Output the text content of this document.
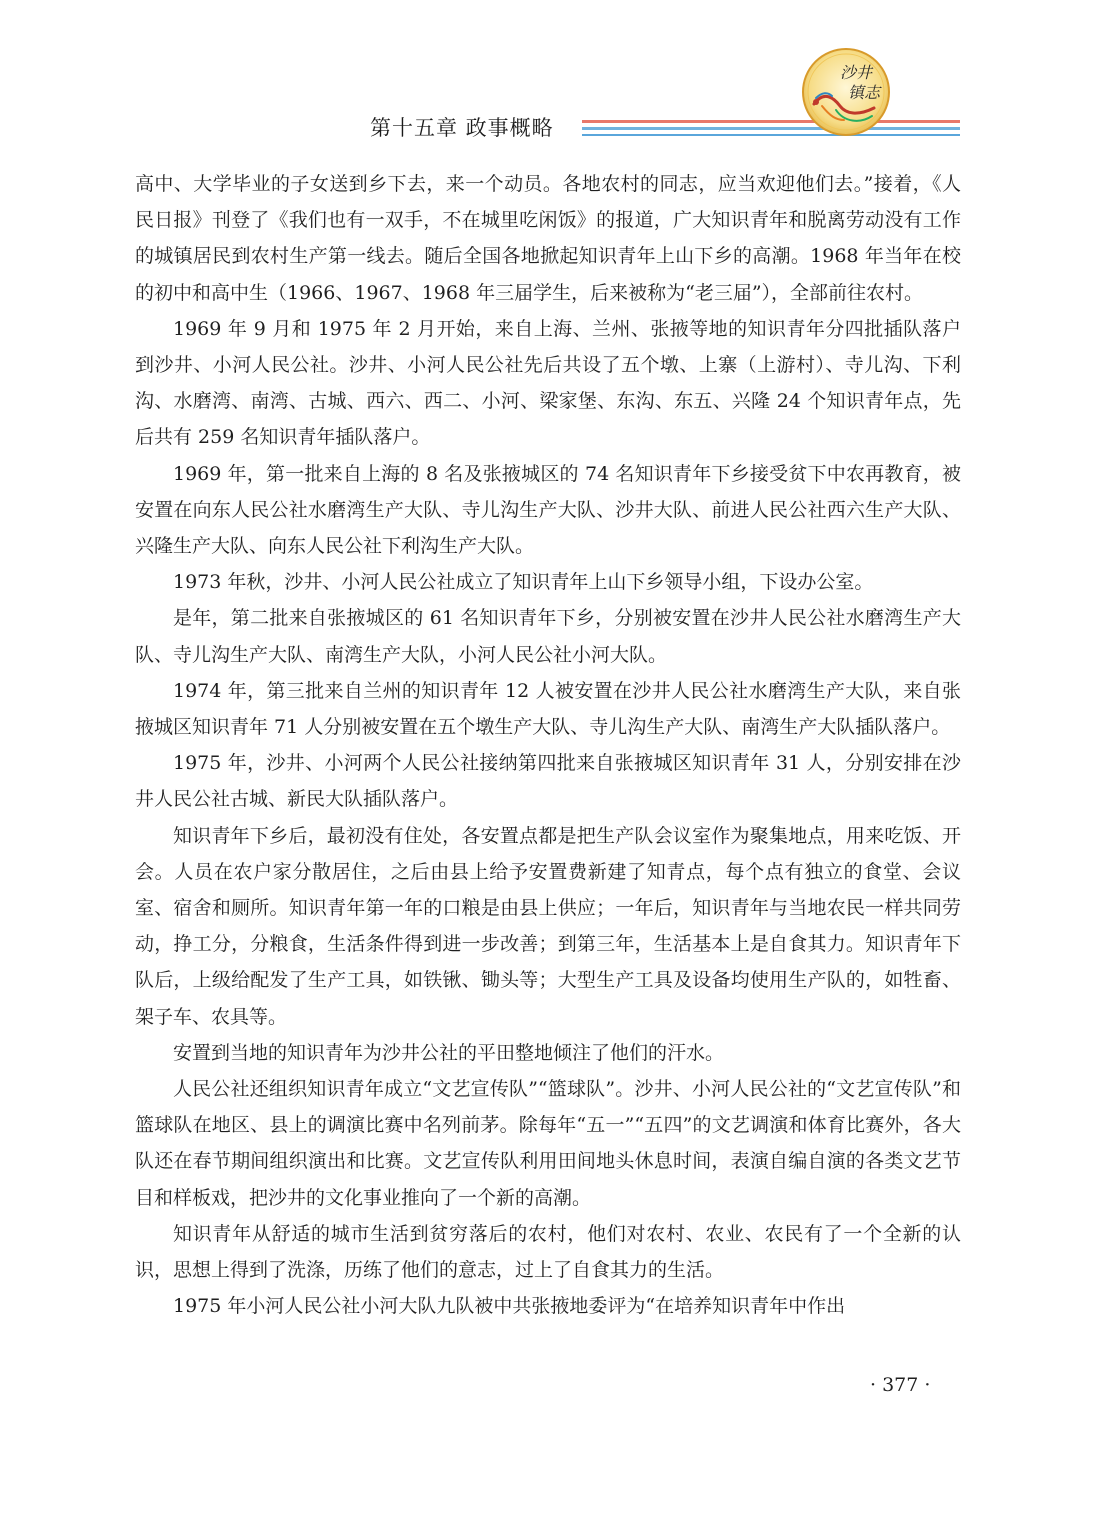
第十五章 政事概略
沙井
镇志

高中、大学毕业的子女送到乡下去，来一个动员。各地农村的同志，应当欢迎他们去。”接着，《人民日报》刊登了《我们也有一双手，不在城里吃闲饭》的报道，广大知识青年和脱离劳动没有工作的城镇居民到农村生产第一线去。随后全国各地掀起知识青年上山下乡的高潮。1968 年当年在校的初中和高中生（1966、1967、1968 年三届学生，后来被称为“老三届”），全部前往农村。

1969 年 9 月和 1975 年 2 月开始，来自上海、兰州、张掖等地的知识青年分四批插队落户到沙井、小河人民公社。沙井、小河人民公社先后共设了五个墩、上寨（上游村）、寺儿沟、下利沟、水磨湾、南湾、古城、西六、西二、小河、梁家堡、东沟、东五、兴隆 24 个知识青年点，先后共有 259 名知识青年插队落户。

1969 年，第一批来自上海的 8 名及张掖城区的 74 名知识青年下乡接受贫下中农再教育，被安置在向东人民公社水磨湾生产大队、寺儿沟生产大队、沙井大队、前进人民公社西六生产大队、兴隆生产大队、向东人民公社下利沟生产大队。

1973 年秋，沙井、小河人民公社成立了知识青年上山下乡领导小组，下设办公室。

是年，第二批来自张掖城区的 61 名知识青年下乡，分别被安置在沙井人民公社水磨湾生产大队、寺儿沟生产大队、南湾生产大队，小河人民公社小河大队。

1974 年，第三批来自兰州的知识青年 12 人被安置在沙井人民公社水磨湾生产大队，来自张掖城区知识青年 71 人分别被安置在五个墩生产大队、寺儿沟生产大队、南湾生产大队插队落户。

1975 年，沙井、小河两个人民公社接纳第四批来自张掖城区知识青年 31 人，分别安排在沙井人民公社古城、新民大队插队落户。

知识青年下乡后，最初没有住处，各安置点都是把生产队会议室作为聚集地点，用来吃饭、开会。人员在农户家分散居住，之后由县上给予安置费新建了知青点，每个点有独立的食堂、会议室、宿舍和厕所。知识青年第一年的口粮是由县上供应；一年后，知识青年与当地农民一样共同劳动，挣工分，分粮食，生活条件得到进一步改善；到第三年，生活基本上是自食其力。知识青年下队后，上级给配发了生产工具，如铁锹、锄头等；大型生产工具及设备均使用生产队的，如牲畜、架子车、农具等。

安置到当地的知识青年为沙井公社的平田整地倾注了他们的汗水。

人民公社还组织知识青年成立“文艺宣传队”“篮球队”。沙井、小河人民公社的“文艺宣传队”和篮球队在地区、县上的调演比赛中名列前茅。除每年“五一”“五四”的文艺调演和体育比赛外，各大队还在春节期间组织演出和比赛。文艺宣传队利用田间地头休息时间，表演自编自演的各类文艺节目和样板戏，把沙井的文化事业推向了一个新的高潮。

知识青年从舒适的城市生活到贫穷落后的农村，他们对农村、农业、农民有了一个全新的认识，思想上得到了洗涤，历练了他们的意志，过上了自食其力的生活。

1975 年小河人民公社小河大队九队被中共张掖地委评为“在培养知识青年中作出

· 377 ·
